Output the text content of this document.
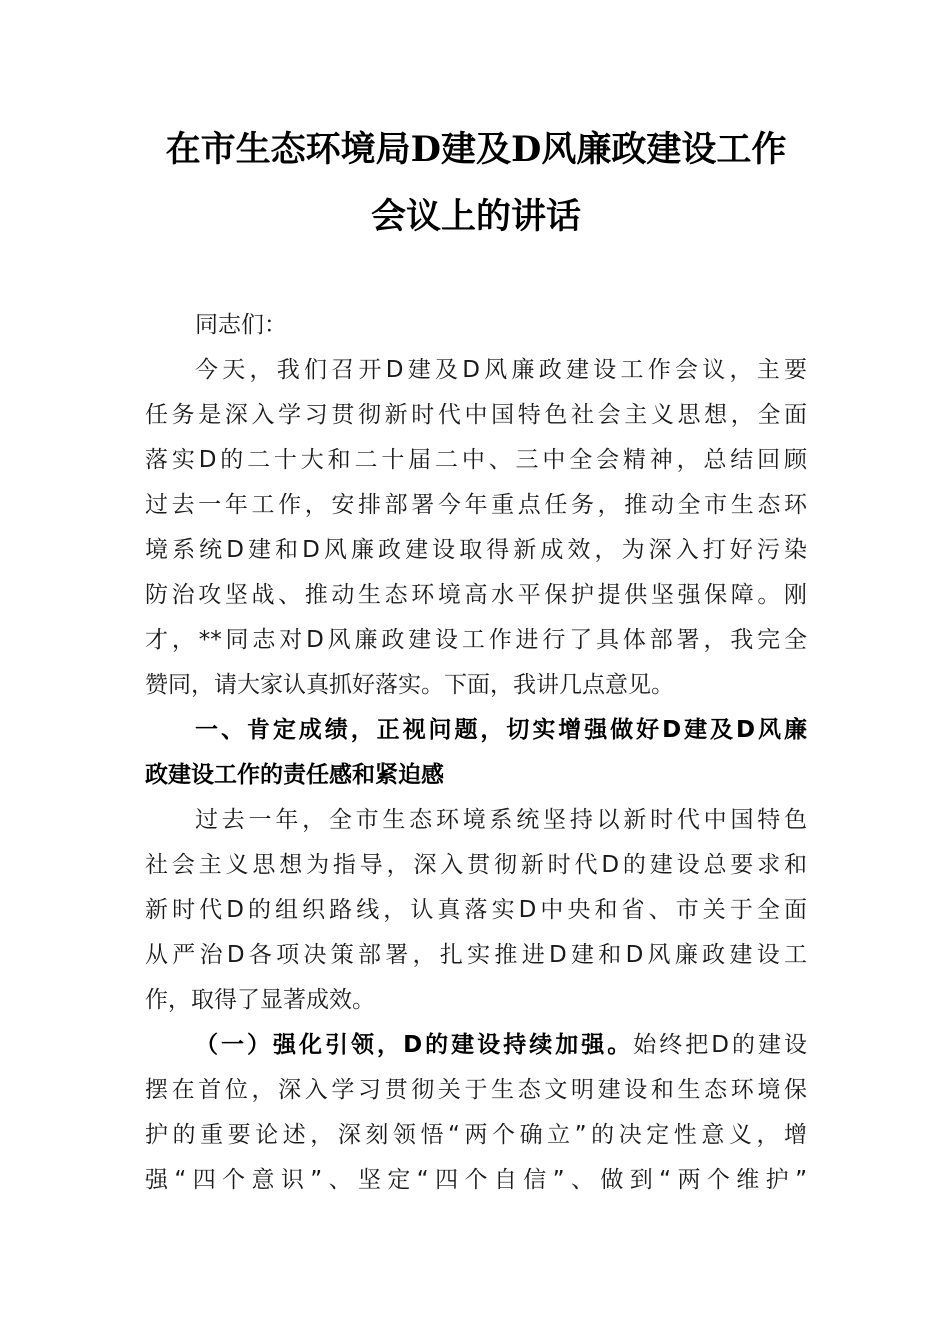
在市生态环境局D建及D风廉政建设工作
会议上的讲话
同志们：
今天，我们召开D建及D风廉政建设工作会议，主要
任务是深入学习贯彻新时代中国特色社会主义思想，全面
落实D的二十大和二十届二中、三中全会精神，总结回顾
过去一年工作，安排部署今年重点任务，推动全市生态环
境系统D建和D风廉政建设取得新成效，为深入打好污染
防治攻坚战、推动生态环境高水平保护提供坚强保障。刚
才，**同志对D风廉政建设工作进行了具体部署，我完全
赞同，请大家认真抓好落实。下面，我讲几点意见。
一、肯定成绩，正视问题，切实增强做好D建及D风廉
政建设工作的责任感和紧迫感
过去一年，全市生态环境系统坚持以新时代中国特色
社会主义思想为指导，深入贯彻新时代D的建设总要求和
新时代D的组织路线，认真落实D中央和省、市关于全面
从严治D各项决策部署，扎实推进D建和D风廉政建设工
作，取得了显著成效。
（一）强化引领，D的建设持续加强。始终把D的建设
摆在首位，深入学习贯彻关于生态文明建设和生态环境保
护的重要论述，深刻领悟“两个确立”的决定性意义，增
强“四个意识”、坚定“四个自信”、做到“两个维护”
